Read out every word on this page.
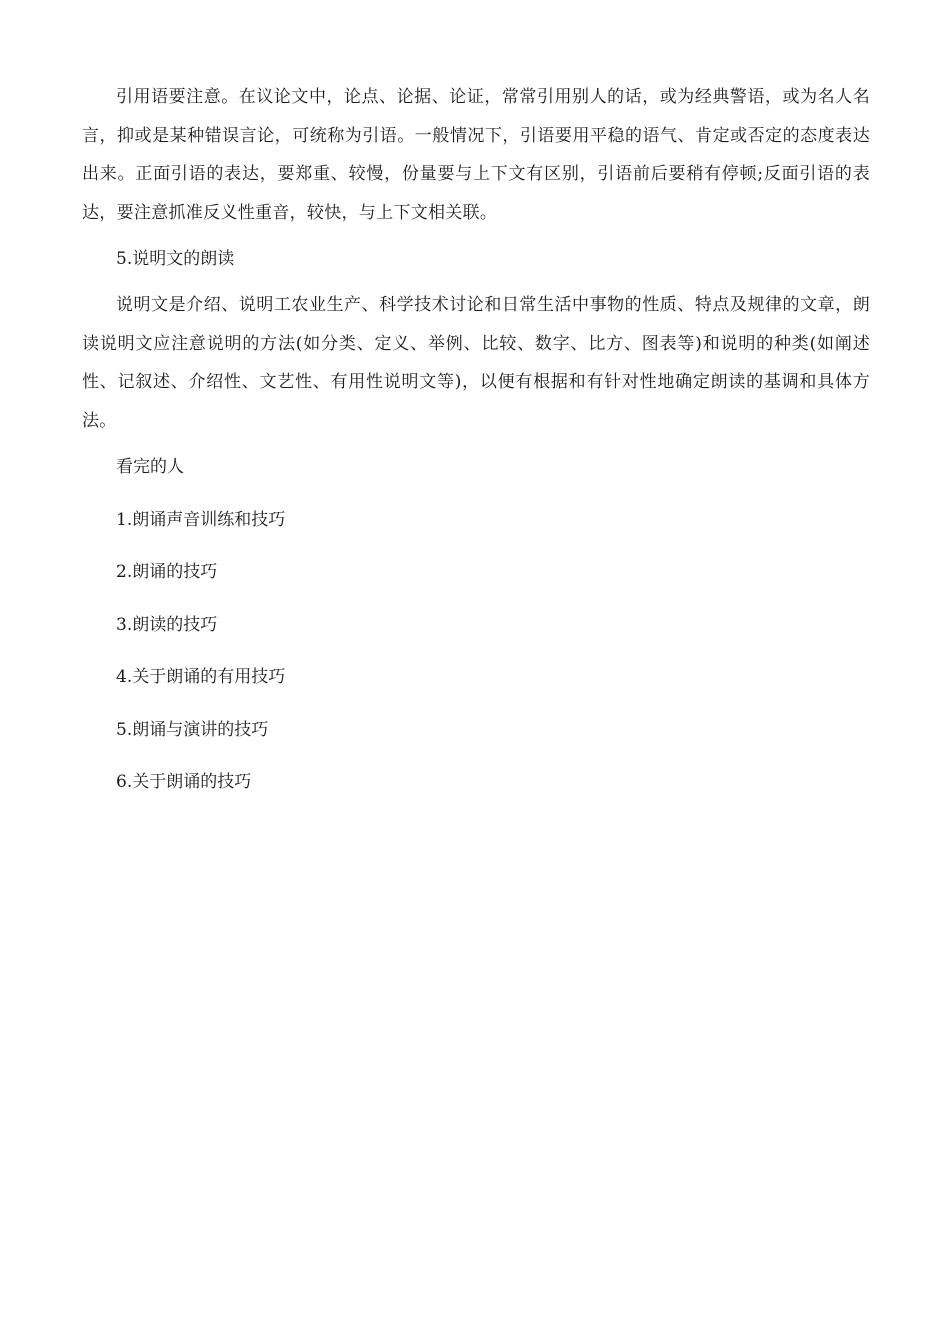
引用语要注意。在议论文中，论点、论据、论证，常常引用别人的话，或为经典警语，或为名人名言，抑或是某种错误言论，可统称为引语。一般情况下，引语要用平稳的语气、肯定或否定的态度表达出来。正面引语的表达，要郑重、较慢，份量要与上下文有区别，引语前后要稍有停顿;反面引语的表达，要注意抓准反义性重音，较快，与上下文相关联。

5.说明文的朗读

说明文是介绍、说明工农业生产、科学技术讨论和日常生活中事物的性质、特点及规律的文章，朗读说明文应注意说明的方法(如分类、定义、举例、比较、数字、比方、图表等)和说明的种类(如阐述性、记叙述、介绍性、文艺性、有用性说明文等)，以便有根据和有针对性地确定朗读的基调和具体方法。

看完的人

1.朗诵声音训练和技巧

2.朗诵的技巧

3.朗读的技巧

4.关于朗诵的有用技巧

5.朗诵与演讲的技巧

6.关于朗诵的技巧
